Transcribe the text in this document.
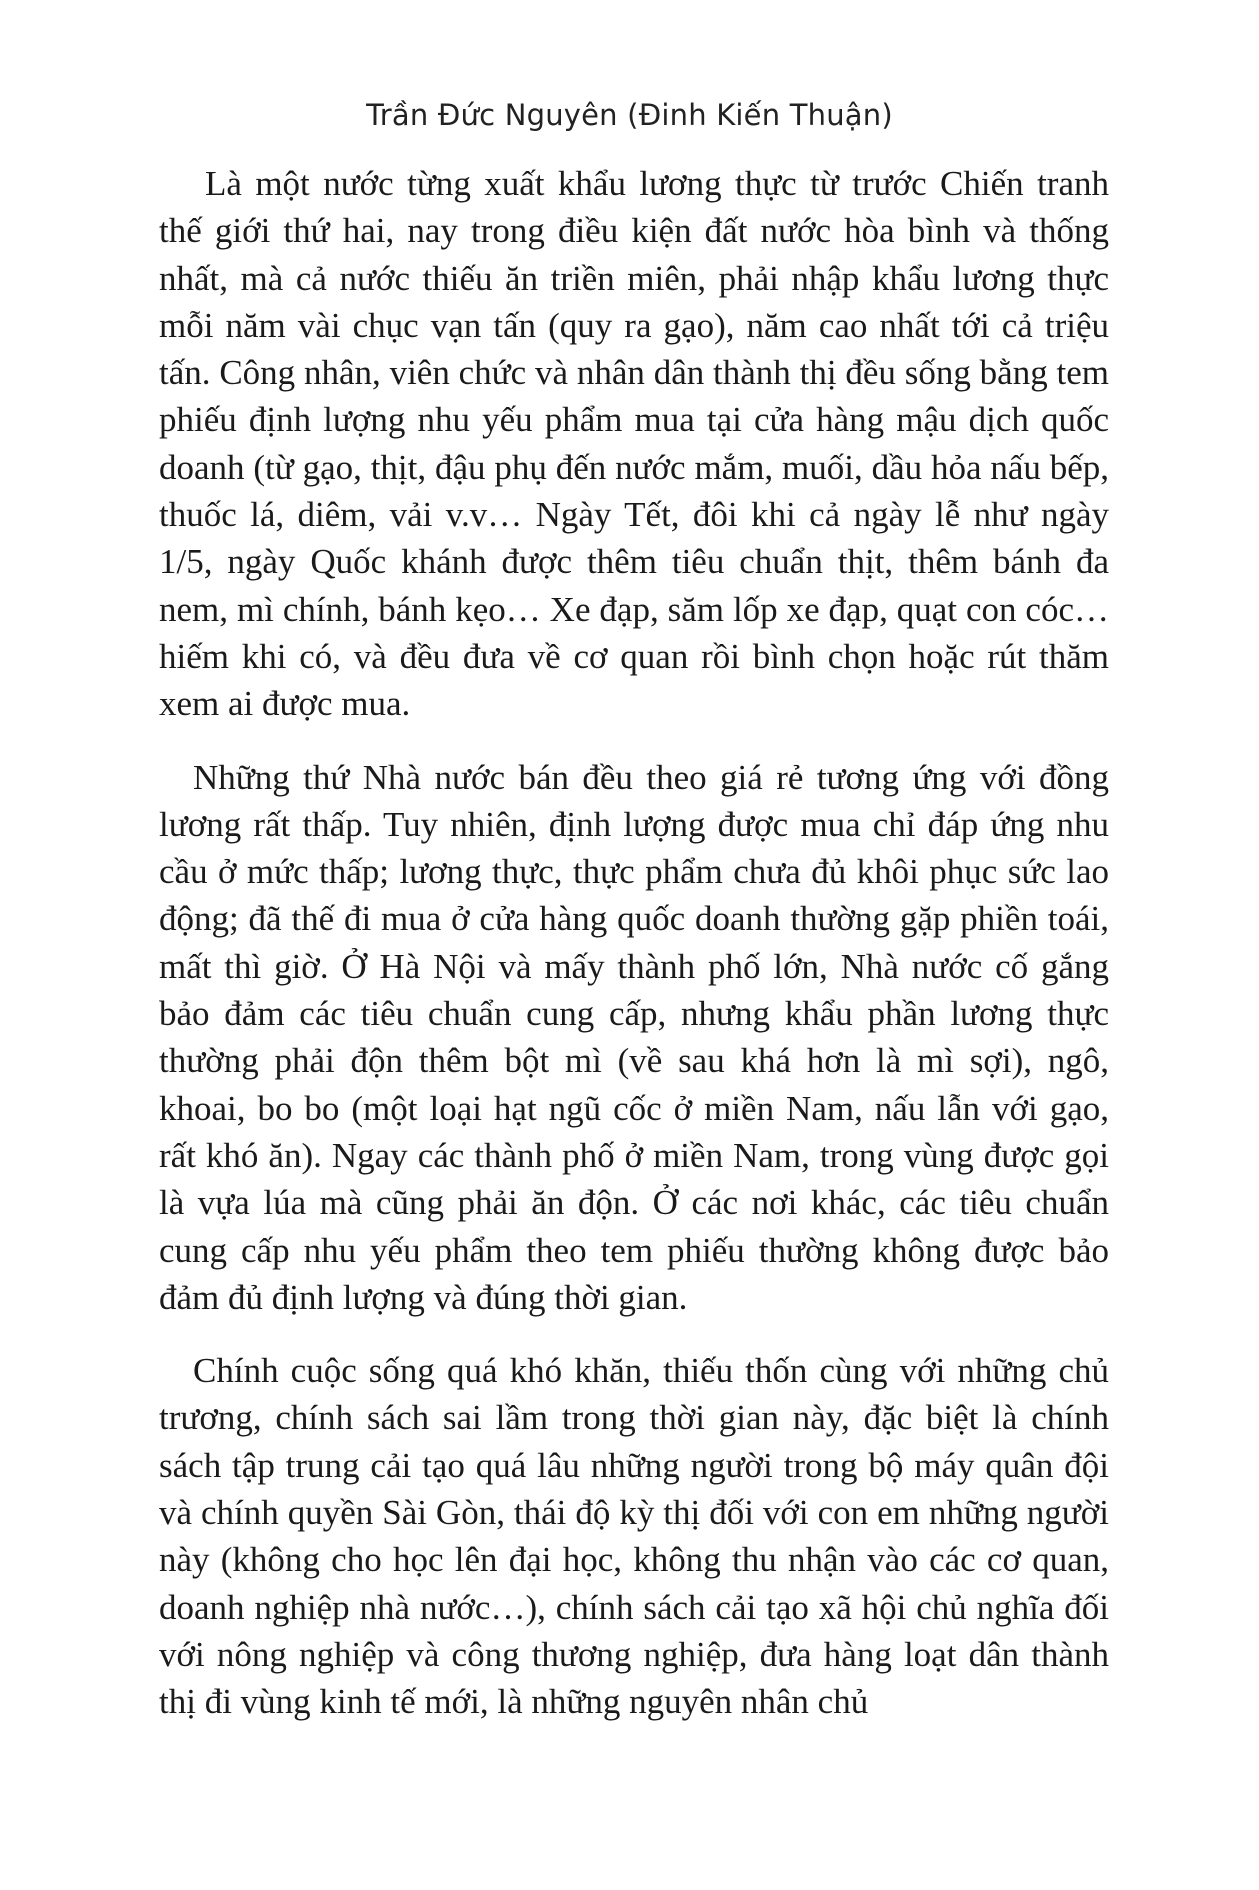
Trần Đức Nguyên (Đinh Kiến Thuận)

Là một nước từng xuất khẩu lương thực từ trước Chiến tranh thế giới thứ hai, nay trong điều kiện đất nước hòa bình và thống nhất, mà cả nước thiếu ăn triền miên, phải nhập khẩu lương thực mỗi năm vài chục vạn tấn (quy ra gạo), năm cao nhất tới cả triệu tấn. Công nhân, viên chức và nhân dân thành thị đều sống bằng tem phiếu định lượng nhu yếu phẩm mua tại cửa hàng mậu dịch quốc doanh (từ gạo, thịt, đậu phụ đến nước mắm, muối, dầu hỏa nấu bếp, thuốc lá, diêm, vải v.v… Ngày Tết, đôi khi cả ngày lễ như ngày 1/5, ngày Quốc khánh được thêm tiêu chuẩn thịt, thêm bánh đa nem, mì chính, bánh kẹo… Xe đạp, săm lốp xe đạp, quạt con cóc… hiếm khi có, và đều đưa về cơ quan rồi bình chọn hoặc rút thăm xem ai được mua.

Những thứ Nhà nước bán đều theo giá rẻ tương ứng với đồng lương rất thấp. Tuy nhiên, định lượng được mua chỉ đáp ứng nhu cầu ở mức thấp; lương thực, thực phẩm chưa đủ khôi phục sức lao động; đã thế đi mua ở cửa hàng quốc doanh thường gặp phiền toái, mất thì giờ. Ở Hà Nội và mấy thành phố lớn, Nhà nước cố gắng bảo đảm các tiêu chuẩn cung cấp, nhưng khẩu phần lương thực thường phải độn thêm bột mì (về sau khá hơn là mì sợi), ngô, khoai, bo bo (một loại hạt ngũ cốc ở miền Nam, nấu lẫn với gạo, rất khó ăn). Ngay các thành phố ở miền Nam, trong vùng được gọi là vựa lúa mà cũng phải ăn độn. Ở các nơi khác, các tiêu chuẩn cung cấp nhu yếu phẩm theo tem phiếu thường không được bảo đảm đủ định lượng và đúng thời gian.

Chính cuộc sống quá khó khăn, thiếu thốn cùng với những chủ trương, chính sách sai lầm trong thời gian này, đặc biệt là chính sách tập trung cải tạo quá lâu những người trong bộ máy quân đội và chính quyền Sài Gòn, thái độ kỳ thị đối với con em những người này (không cho học lên đại học, không thu nhận vào các cơ quan, doanh nghiệp nhà nước…), chính sách cải tạo xã hội chủ nghĩa đối với nông nghiệp và công thương nghiệp, đưa hàng loạt dân thành thị đi vùng kinh tế mới, là những nguyên nhân chủ
